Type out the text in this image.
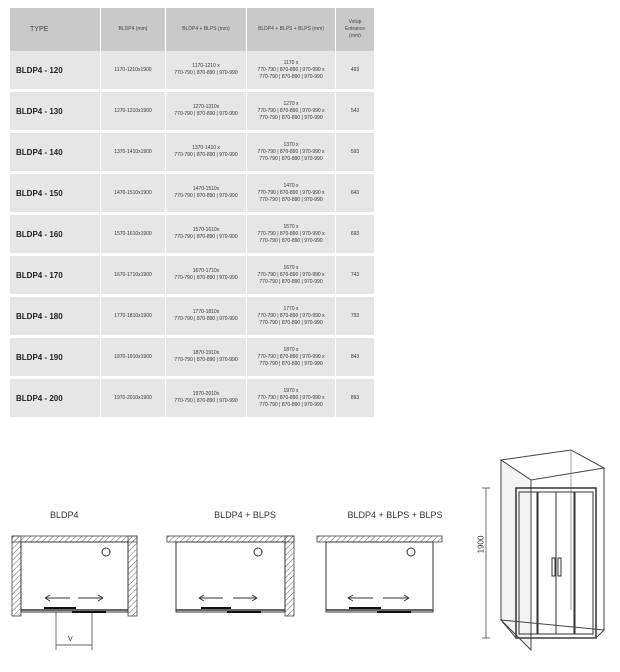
TYPE	BLDP4 (mm)	BLDP4 + BLPS (mm)	BLDP4 + BLPS + BLPS (mm)	Vstup
Entrance
(mm)
BLDP4 - 120	1170-1210x1900	1170-1210 x
770-790 | 870-890 | 970-990	1170 x
770-790 | 870-890 | 970-990 x
770-790 | 870-890 | 970-990	493
BLDP4 - 130	1270-1310x1900	1270-1310x
770-790 | 870-890 | 970-990	1270 x
770-790 | 870-890 | 970-990 x
770-790 | 870-890 | 970-990	543
BLDP4 - 140	1370-1410x1900	1370-1410 x
770-790 | 870-890 | 970-990	1370 x
770-790 | 870-890 | 970-990 x
770-790 | 870-890 | 970-990	593
BLDP4 - 150	1470-1510x1900	1470-1510x
770-790 | 870-890 | 970-990	1470 x
770-790 | 870-890 | 970-990 x
770-790 | 870-890 | 970-990	643
BLDP4 - 160	1570-1610x1900	1570-1610x
770-790 | 870-890 | 970-990	1570 x
770-790 | 870-890 | 970-990 x
770-790 | 870-890 | 970-990	693
BLDP4 - 170	1670-1710x1900	1670-1710x
770-790 | 870-890 | 970-990	1670 x
770-790 | 870-890 | 970-990 x
770-790 | 870-890 | 970-990	743
BLDP4 - 180	1770-1810x1900	1770-1810x
770-790 | 870-890 | 970-990	1770 x
770-790 | 870-890 | 970-990 x
770-790 | 870-890 | 970-990	793
BLDP4 - 190	1870-1910x1900	1870-1910x
770-790 | 870-890 | 970-990	1870 x
770-790 | 870-890 | 970-990 x
770-790 | 870-890 | 970-990	843
BLDP4 - 200	1970-2010x1900	1970-2010x
770-790 | 870-890 | 970-990	1970 x
770-790 | 870-890 | 970-990 x
770-790 | 870-890 | 970-990	893
BLDP4
V
BLDP4 + BLPS	BLDP4 + BLPS + BLPS
1900
